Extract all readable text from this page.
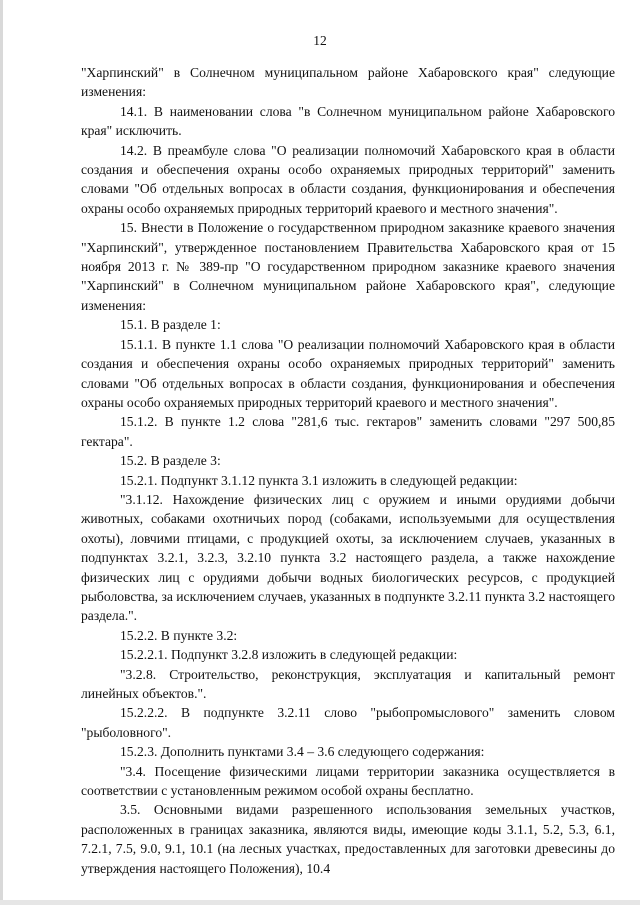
12

"Харпинский" в Солнечном муниципальном районе Хабаровского края" следующие изменения:

14.1. В наименовании слова "в Солнечном муниципальном районе Хабаровского края" исключить.

14.2. В преамбуле слова "О реализации полномочий Хабаровского края в области создания и обеспечения охраны особо охраняемых природных территорий" заменить словами "Об отдельных вопросах в области создания, функционирования и обеспечения охраны особо охраняемых природных территорий краевого и местного значения".

15. Внести в Положение о государственном природном заказнике краевого значения "Харпинский", утвержденное постановлением Правительства Хабаровского края от 15 ноября 2013 г. № 389-пр "О государственном природном заказнике краевого значения "Харпинский" в Солнечном муниципальном районе Хабаровского края", следующие изменения:

15.1. В разделе 1:

15.1.1. В пункте 1.1 слова "О реализации полномочий Хабаровского края в области создания и обеспечения охраны особо охраняемых природных территорий" заменить словами "Об отдельных вопросах в области создания, функционирования и обеспечения охраны особо охраняемых природных территорий краевого и местного значения".

15.1.2. В пункте 1.2 слова "281,6 тыс. гектаров" заменить словами "297 500,85 гектара".

15.2. В разделе 3:

15.2.1. Подпункт 3.1.12 пункта 3.1 изложить в следующей редакции:

"3.1.12. Нахождение физических лиц с оружием и иными орудиями добычи животных, собаками охотничьих пород (собаками, используемыми для осуществления охоты), ловчими птицами, с продукцией охоты, за исключением случаев, указанных в подпунктах 3.2.1, 3.2.3, 3.2.10 пункта 3.2 настоящего раздела, а также нахождение физических лиц с орудиями добычи водных биологических ресурсов, с продукцией рыболовства, за исключением случаев, указанных в подпункте 3.2.11 пункта 3.2 настоящего раздела.".

15.2.2. В пункте 3.2:

15.2.2.1. Подпункт 3.2.8 изложить в следующей редакции:

"3.2.8. Строительство, реконструкция, эксплуатация и капитальный ремонт линейных объектов.".

15.2.2.2. В подпункте 3.2.11 слово "рыбопромыслового" заменить словом "рыболовного".

15.2.3. Дополнить пунктами 3.4 – 3.6 следующего содержания:

"3.4. Посещение физическими лицами территории заказника осуществляется в соответствии с установленным режимом особой охраны бесплатно.

3.5. Основными видами разрешенного использования земельных участков, расположенных в границах заказника, являются виды, имеющие коды 3.1.1, 5.2, 5.3, 6.1, 7.2.1, 7.5, 9.0, 9.1, 10.1 (на лесных участках, предоставленных для заготовки древесины до утверждения настоящего Положения), 10.4
